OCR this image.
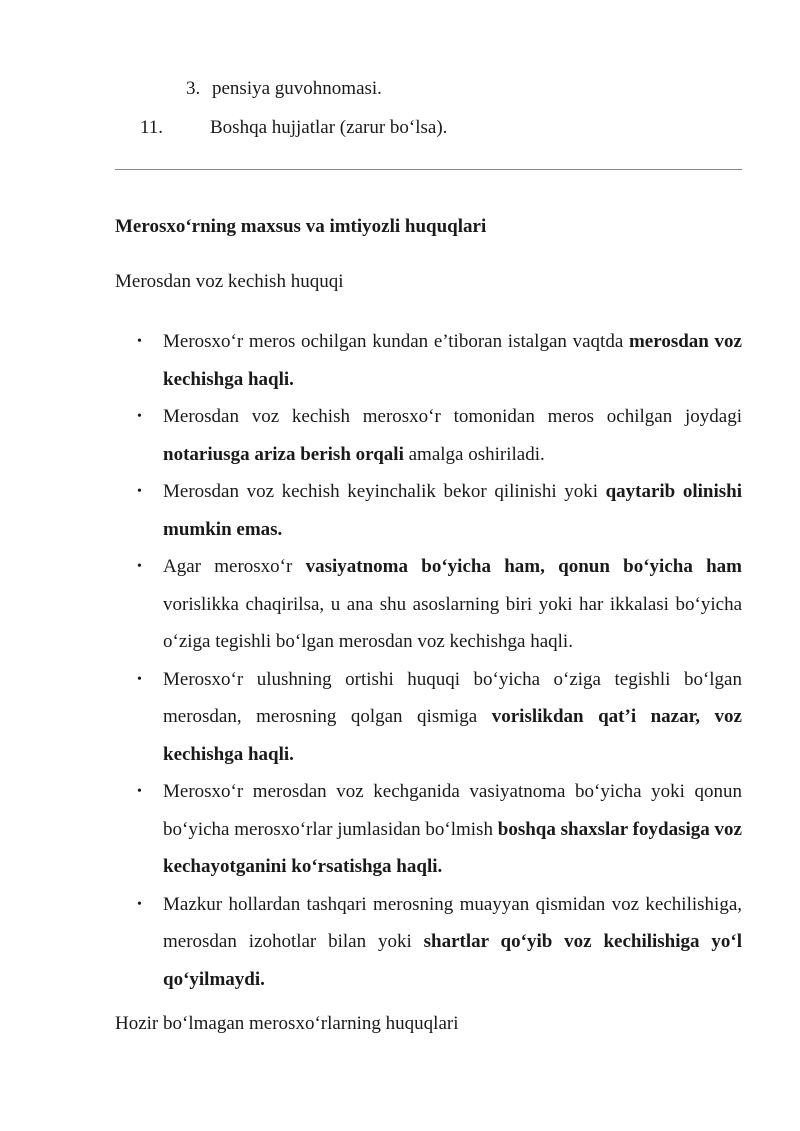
3. pensiya guvohnomasi.
11. Boshqa hujjatlar (zarur bo‘lsa).
Merosxo‘rning maxsus va imtiyozli huquqlari
Merosdan voz kechish huquqi
• Merosxo‘r meros ochilgan kundan e’tiboran istalgan vaqtda merosdan voz kechishga haqli.
• Merosdan voz kechish merosxo‘r tomonidan meros ochilgan joydagi notariusga ariza berish orqali amalga oshiriladi.
• Merosdan voz kechish keyinchalik bekor qilinishi yoki qaytarib olinishi mumkin emas.
• Agar merosxo‘r vasiyatnoma bo‘yicha ham, qonun bo‘yicha ham vorislikka chaqirilsa, u ana shu asoslarning biri yoki har ikkalasi bo‘yicha o‘ziga tegishli bo‘lgan merosdan voz kechishga haqli.
• Merosxo‘r ulushning ortishi huquqi bo‘yicha o‘ziga tegishli bo‘lgan merosdan, merosning qolgan qismiga vorislikdan qat’i nazar, voz kechishga haqli.
• Merosxo‘r merosdan voz kechganida vasiyatnoma bo‘yicha yoki qonun bo‘yicha merosxo‘rlar jumlasidan bo‘lmish boshqa shaxslar foydasiga voz kechayotganini ko‘rsatishga haqli.
• Mazkur hollardan tashqari merosning muayyan qismidan voz kechilishiga, merosdan izohotlar bilan yoki shartlar qo‘yib voz kechilishiga yo‘l qo‘yilmaydi.
Hozir bo‘lmagan merosxo‘rlarning huquqlari
